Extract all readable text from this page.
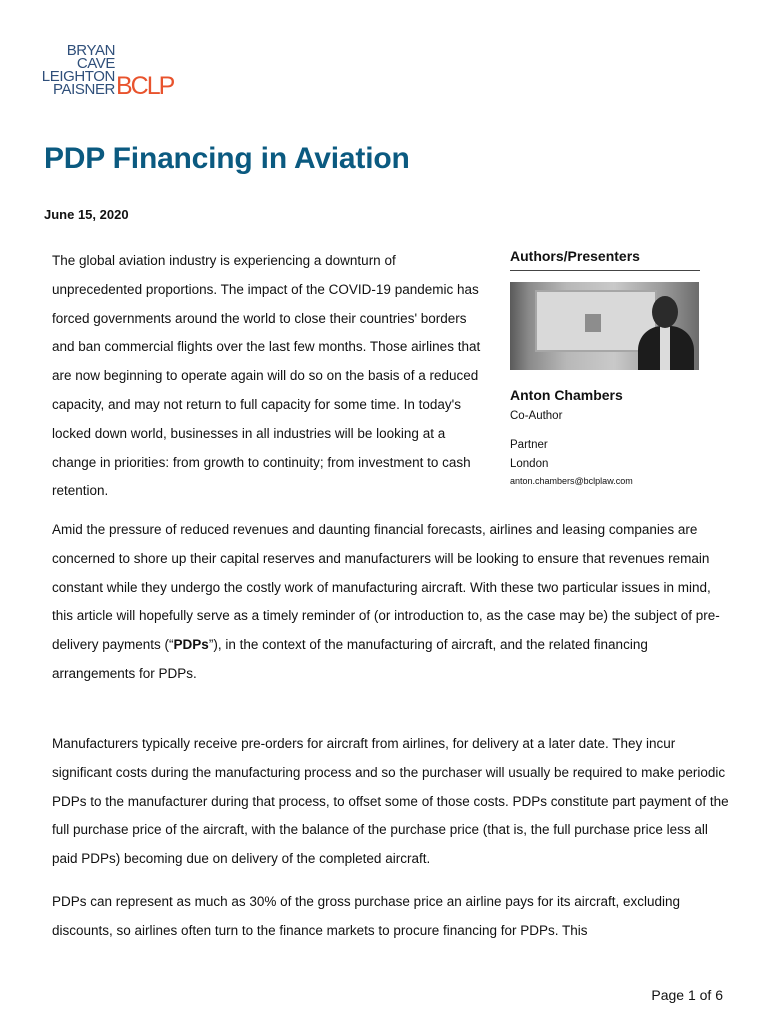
BRYAN
CAVE
LEIGHTON
PAISNER BCLP
PDP Financing in Aviation
June 15, 2020

The global aviation industry is experiencing a downturn of unprecedented proportions. The impact of the COVID-19 pandemic has forced governments around the world to close their countries' borders and ban commercial flights over the last few months. Those airlines that are now beginning to operate again will do so on the basis of a reduced capacity, and may not return to full capacity for some time. In today's locked down world, businesses in all industries will be looking at a change in priorities: from growth to continuity; from investment to cash retention.

Authors/Presenters
Anton Chambers
Co-Author
Partner
London
anton.chambers@bclplaw.com

Amid the pressure of reduced revenues and daunting financial forecasts, airlines and leasing companies are concerned to shore up their capital reserves and manufacturers will be looking to ensure that revenues remain constant while they undergo the costly work of manufacturing aircraft. With these two particular issues in mind, this article will hopefully serve as a timely reminder of (or introduction to, as the case may be) the subject of pre-delivery payments (“PDPs”), in the context of the manufacturing of aircraft, and the related financing arrangements for PDPs.

Manufacturers typically receive pre-orders for aircraft from airlines, for delivery at a later date. They incur significant costs during the manufacturing process and so the purchaser will usually be required to make periodic PDPs to the manufacturer during that process, to offset some of those costs. PDPs constitute part payment of the full purchase price of the aircraft, with the balance of the purchase price (that is, the full purchase price less all paid PDPs) becoming due on delivery of the completed aircraft.

PDPs can represent as much as 30% of the gross purchase price an airline pays for its aircraft, excluding discounts, so airlines often turn to the finance markets to procure financing for PDPs. This

Page 1 of 6
